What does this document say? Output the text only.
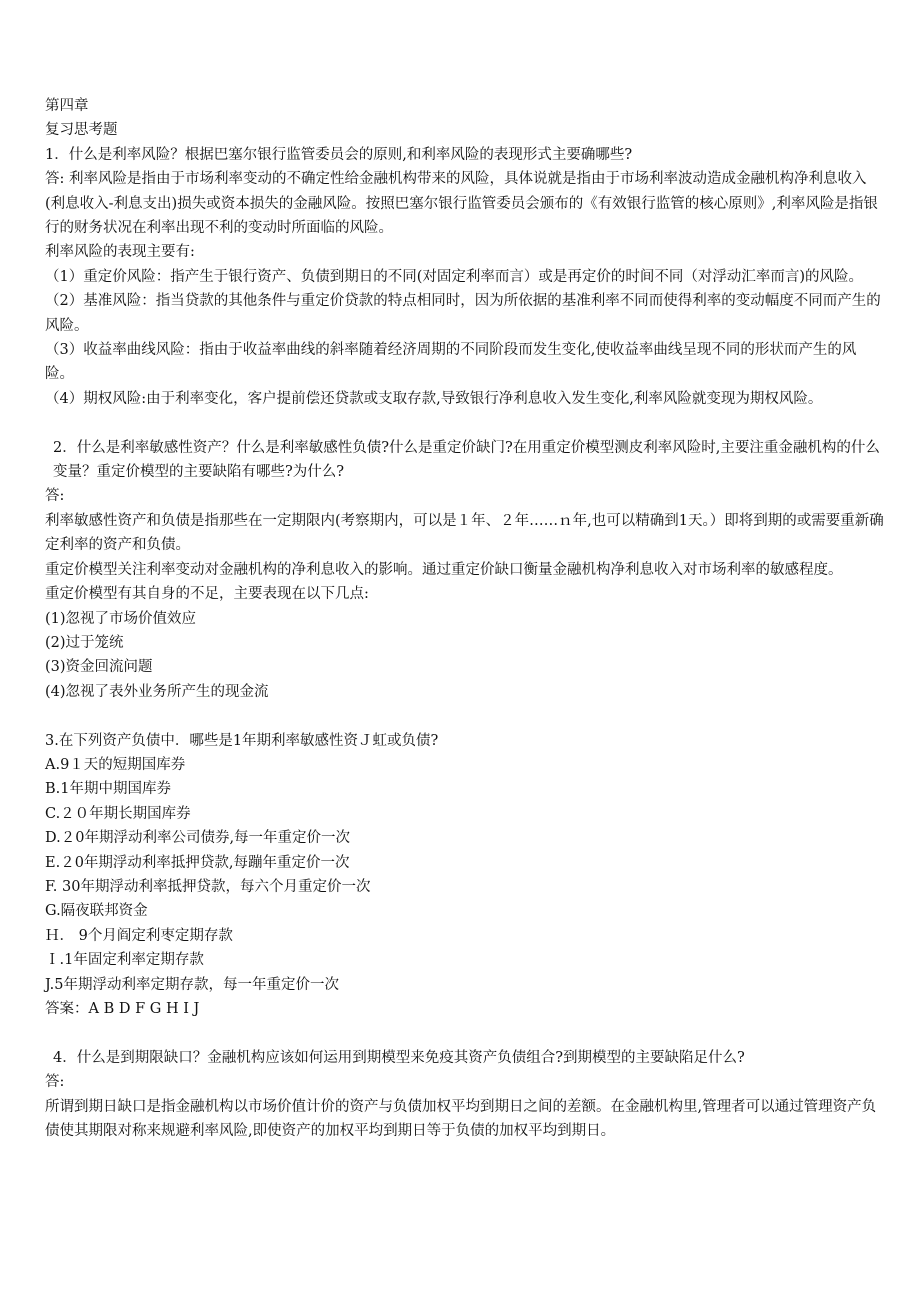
第四章

复习思考题

1．什么是利率风险？根据巴塞尔银行监管委员会的原则,和利率风险的表现形式主要确哪些?

答: 利率风险是指由于市场利率变动的不确定性给金融机构带来的风险，具体说就是指由于市场利率波动造成金融机构净利息收入(利息收入-利息支出)损失或资本损失的金融风险。按照巴塞尔银行监管委员会颁布的《有效银行监管的核心原则》,利率风险是指银行的财务状况在利率出现不利的变动时所面临的风险。

利率风险的表现主要有:

（1）重定价风险：指产生于银行资产、负债到期日的不同(对固定利率而言）或是再定价的时间不同（对浮动汇率而言)的风险。

（2）基准风险：指当贷款的其他条件与重定价贷款的特点相同时，因为所依据的基准利率不同而使得利率的变动幅度不同而产生的风险。

（3）收益率曲线风险：指由于收益率曲线的斜率随着经济周期的不同阶段而发生变化,使收益率曲线呈现不同的形状而产生的风险。

（4）期权风险:由于利率变化，客户提前偿还贷款或支取存款,导致银行净利息收入发生变化,利率风险就变现为期权风险。

2．什么是利率敏感性资产？什么是利率敏感性负债?什么是重定价缺门?在用重定价模型测皮利率风险时,主要注重金融机构的什么变量？重定价模型的主要缺陷有哪些?为什么?

答:

利率敏感性资产和负债是指那些在一定期限内(考察期内，可以是１年、２年……ｎ年,也可以精确到1天。）即将到期的或需要重新确定利率的资产和负债。

重定价模型关注利率变动对金融机构的净利息收入的影响。通过重定价缺口衡量金融机构净利息收入对市场利率的敏感程度。

重定价模型有其自身的不足，主要表现在以下几点:

(1)忽视了市场价值效应

(2)过于笼统

(3)资金回流问题

(4)忽视了表外业务所产生的现金流

3.在下列资产负债中．哪些是1年期利率敏感性资Ｊ虹或负债?

A.9１天的短期国库券

B.1年期中期国库券

C.２０年期长期国库券

D.２0年期浮动利率公司债券,每一年重定价一次

E.２0年期浮动利率抵押贷款,每蹦年重定价一次

F. 30年期浮动利率抵押贷款，每六个月重定价一次

G.隔夜联邦资金

Ｈ． 9个月阎定利枣定期存款

Ｉ.1年固定利率定期存款

J.5年期浮动利率定期存款，每一年重定价一次

答案：A B D F G H I J

4．什么是到期限缺口？金融机构应该如何运用到期模型来免疫其资产负债组合?到期模型的主要缺陷足什么?

答:

所谓到期日缺口是指金融机构以市场价值计价的资产与负债加权平均到期日之间的差额。在金融机构里,管理者可以通过管理资产负债使其期限对称来规避利率风险,即使资产的加权平均到期日等于负债的加权平均到期日。
